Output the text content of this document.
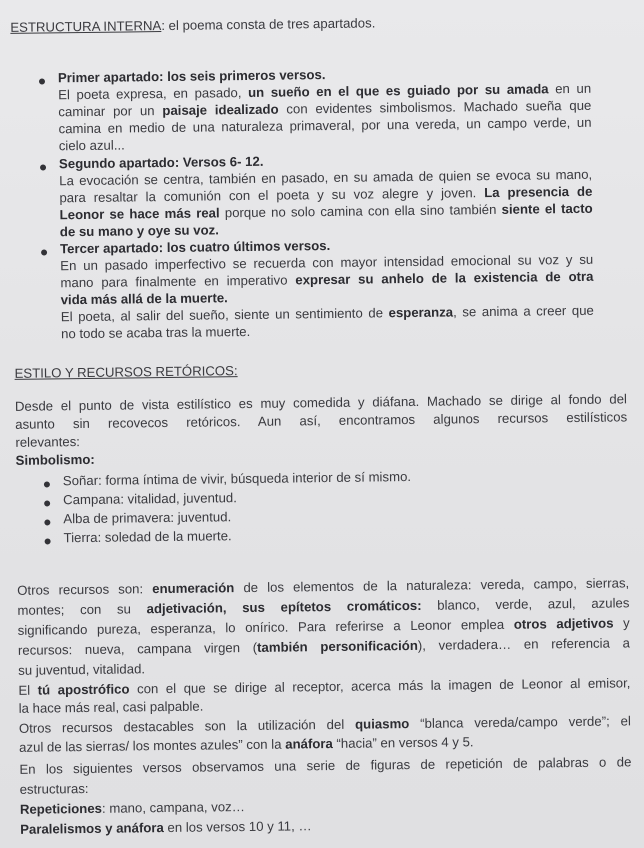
ESTRUCTURA INTERNA: el poema consta de tres apartados.
Primer apartado: los seis primeros versos.
El poeta expresa, en pasado, un sueño en el que es guiado por su amada en un
caminar por un paisaje idealizado con evidentes simbolismos. Machado sueña que
camina en medio de una naturaleza primaveral, por una vereda, un campo verde, un
cielo azul...
Segundo apartado: Versos 6- 12.
La evocación se centra, también en pasado, en su amada de quien se evoca su mano,
para resaltar la comunión con el poeta y su voz alegre y joven. La presencia de
Leonor se hace más real porque no solo camina con ella sino también siente el tacto
de su mano y oye su voz.
Tercer apartado: los cuatro últimos versos.
En un pasado imperfectivo se recuerda con mayor intensidad emocional su voz y su
mano para finalmente en imperativo expresar su anhelo de la existencia de otra
vida más allá de la muerte.
El poeta, al salir del sueño, siente un sentimiento de esperanza, se anima a creer que
no todo se acaba tras la muerte.
ESTILO Y RECURSOS RETÓRICOS:
Desde el punto de vista estilístico es muy comedida y diáfana. Machado se dirige al fondo del
asunto sin recovecos retóricos. Aun así, encontramos algunos recursos estilísticos
relevantes:
Simbolismo:
Soñar: forma íntima de vivir, búsqueda interior de sí mismo.
Campana: vitalidad, juventud.
Alba de primavera: juventud.
Tierra: soledad de la muerte.
Otros recursos son: enumeración de los elementos de la naturaleza: vereda, campo, sierras,
montes; con su adjetivación, sus epítetos cromáticos: blanco, verde, azul, azules
significando pureza, esperanza, lo onírico. Para referirse a Leonor emplea otros adjetivos y
recursos: nueva, campana virgen (también personificación), verdadera… en referencia a
su juventud, vitalidad.
El tú apostrófico con el que se dirige al receptor, acerca más la imagen de Leonor al emisor,
la hace más real, casi palpable.
Otros recursos destacables son la utilización del quiasmo “blanca vereda/campo verde”; el
azul de las sierras/ los montes azules” con la anáfora “hacia” en versos 4 y 5.
En los siguientes versos observamos una serie de figuras de repetición de palabras o de
estructuras:
Repeticiones: mano, campana, voz…
Paralelismos y anáfora en los versos 10 y 11, …
